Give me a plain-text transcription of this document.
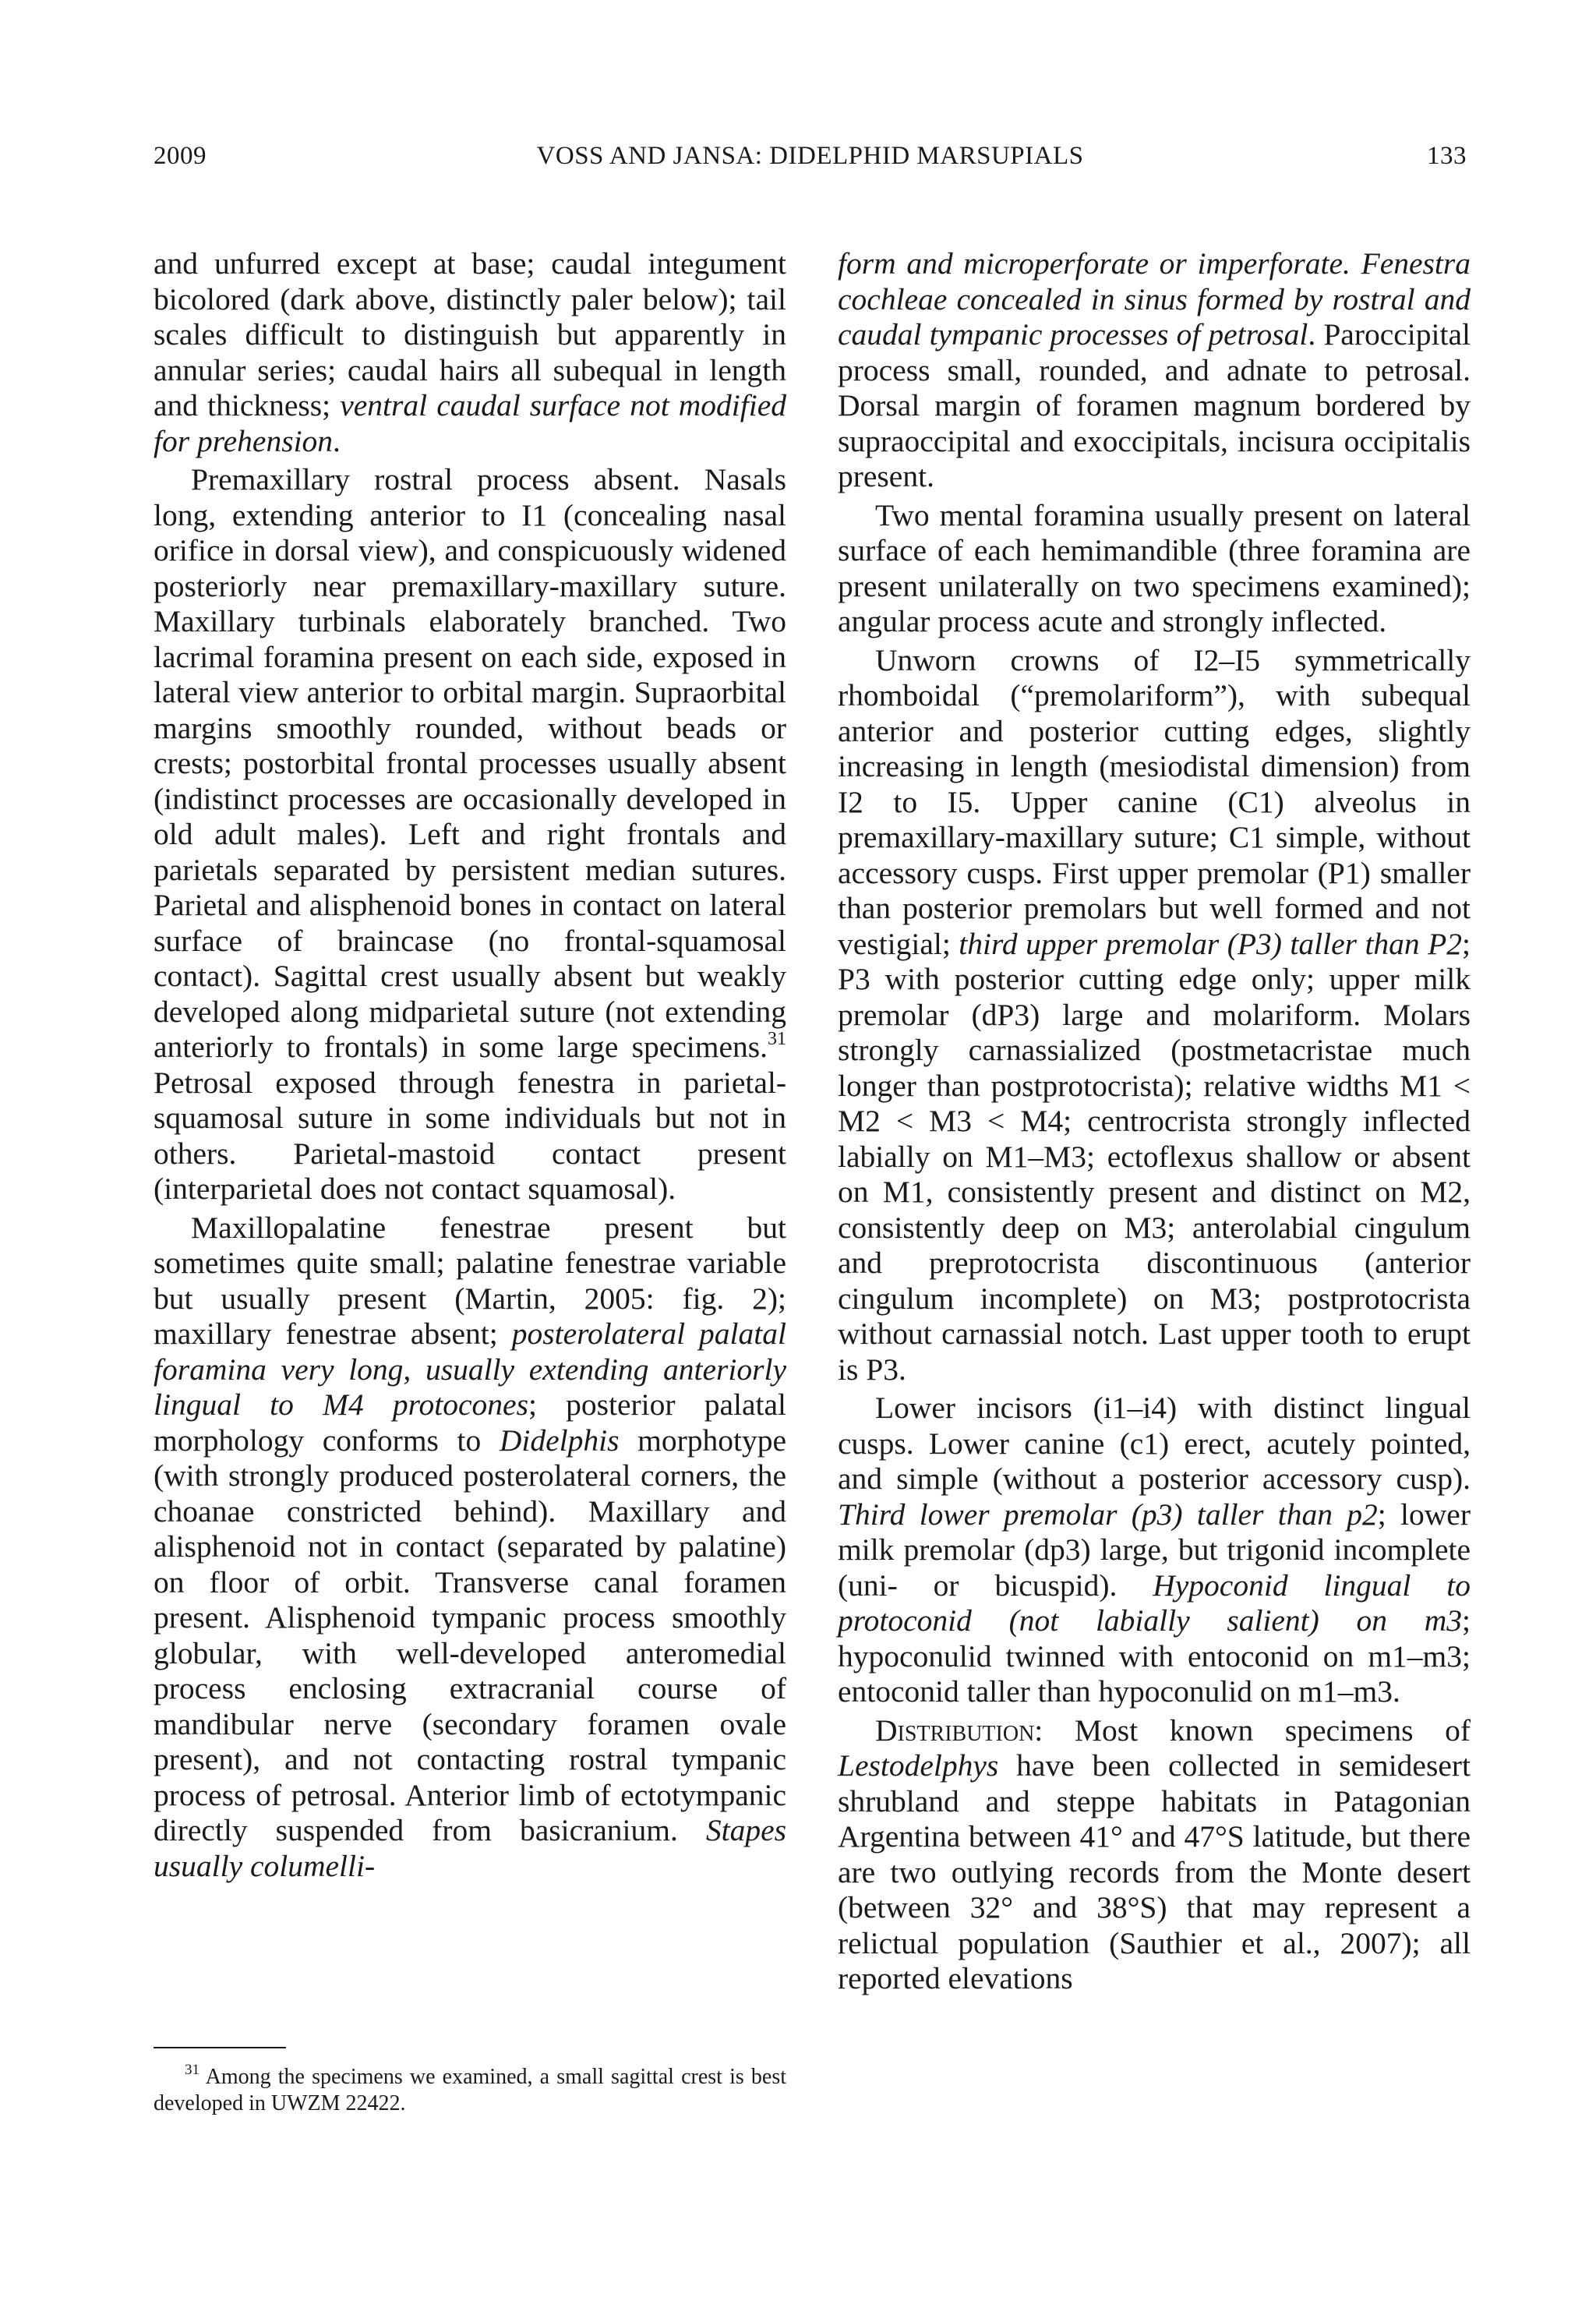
2009	VOSS AND JANSA: DIDELPHID MARSUPIALS	133

and unfurred except at base; caudal integument bicolored (dark above, distinctly paler below); tail scales difficult to distinguish but apparently in annular series; caudal hairs all subequal in length and thickness; ventral caudal surface not modified for prehension.

Premaxillary rostral process absent. Nasals long, extending anterior to I1 (concealing nasal orifice in dorsal view), and conspicuously widened posteriorly near premaxillary-maxillary suture. Maxillary turbinals elaborately branched. Two lacrimal foramina present on each side, exposed in lateral view anterior to orbital margin. Supraorbital margins smoothly rounded, without beads or crests; postorbital frontal processes usually absent (indistinct processes are occasionally developed in old adult males). Left and right frontals and parietals separated by persistent median sutures. Parietal and alisphenoid bones in contact on lateral surface of braincase (no frontal-squamosal contact). Sagittal crest usually absent but weakly developed along midparietal suture (not extending anteriorly to frontals) in some large specimens.$^{31}$ Petrosal exposed through fenestra in parietal-squamosal suture in some individuals but not in others. Parietal-mastoid contact present (interparietal does not contact squamosal).

Maxillopalatine fenestrae present but sometimes quite small; palatine fenestrae variable but usually present (Martin, 2005: fig. 2); maxillary fenestrae absent; posterolateral palatal foramina very long, usually extending anteriorly lingual to M4 protocones; posterior palatal morphology conforms to Didelphis morphotype (with strongly produced posterolateral corners, the choanae constricted behind). Maxillary and alisphenoid not in contact (separated by palatine) on floor of orbit. Transverse canal foramen present. Alisphenoid tympanic process smoothly globular, with well-developed anteromedial process enclosing extracranial course of mandibular nerve (secondary foramen ovale present), and not contacting rostral tympanic process of petrosal. Anterior limb of ectotympanic directly suspended from basicranium. Stapes usually columelli-

form and microperforate or imperforate. Fenestra cochleae concealed in sinus formed by rostral and caudal tympanic processes of petrosal. Paroccipital process small, rounded, and adnate to petrosal. Dorsal margin of foramen magnum bordered by supraoccipital and exoccipitals, incisura occipitalis present.

Two mental foramina usually present on lateral surface of each hemimandible (three foramina are present unilaterally on two specimens examined); angular process acute and strongly inflected.

Unworn crowns of I2–I5 symmetrically rhomboidal (“premolariform”), with subequal anterior and posterior cutting edges, slightly increasing in length (mesiodistal dimension) from I2 to I5. Upper canine (C1) alveolus in premaxillary-maxillary suture; C1 simple, without accessory cusps. First upper premolar (P1) smaller than posterior premolars but well formed and not vestigial; third upper premolar (P3) taller than P2; P3 with posterior cutting edge only; upper milk premolar (dP3) large and molariform. Molars strongly carnassialized (postmetacristae much longer than postprotocrista); relative widths M1 < M2 < M3 < M4; centrocrista strongly inflected labially on M1–M3; ectoflexus shallow or absent on M1, consistently present and distinct on M2, consistently deep on M3; anterolabial cingulum and preprotocrista discontinuous (anterior cingulum incomplete) on M3; postprotocrista without carnassial notch. Last upper tooth to erupt is P3.

Lower incisors (i1–i4) with distinct lingual cusps. Lower canine (c1) erect, acutely pointed, and simple (without a posterior accessory cusp). Third lower premolar (p3) taller than p2; lower milk premolar (dp3) large, but trigonid incomplete (uni- or bicuspid). Hypoconid lingual to protoconid (not labially salient) on m3; hypoconulid twinned with entoconid on m1–m3; entoconid taller than hypoconulid on m1–m3.

Distribution: Most known specimens of Lestodelphys have been collected in semidesert shrubland and steppe habitats in Patagonian Argentina between 41° and 47°S latitude, but there are two outlying records from the Monte desert (between 32° and 38°S) that may represent a relictual population (Sauthier et al., 2007); all reported elevations

$^{31}$ Among the specimens we examined, a small sagittal crest is best developed in UWZM 22422.
